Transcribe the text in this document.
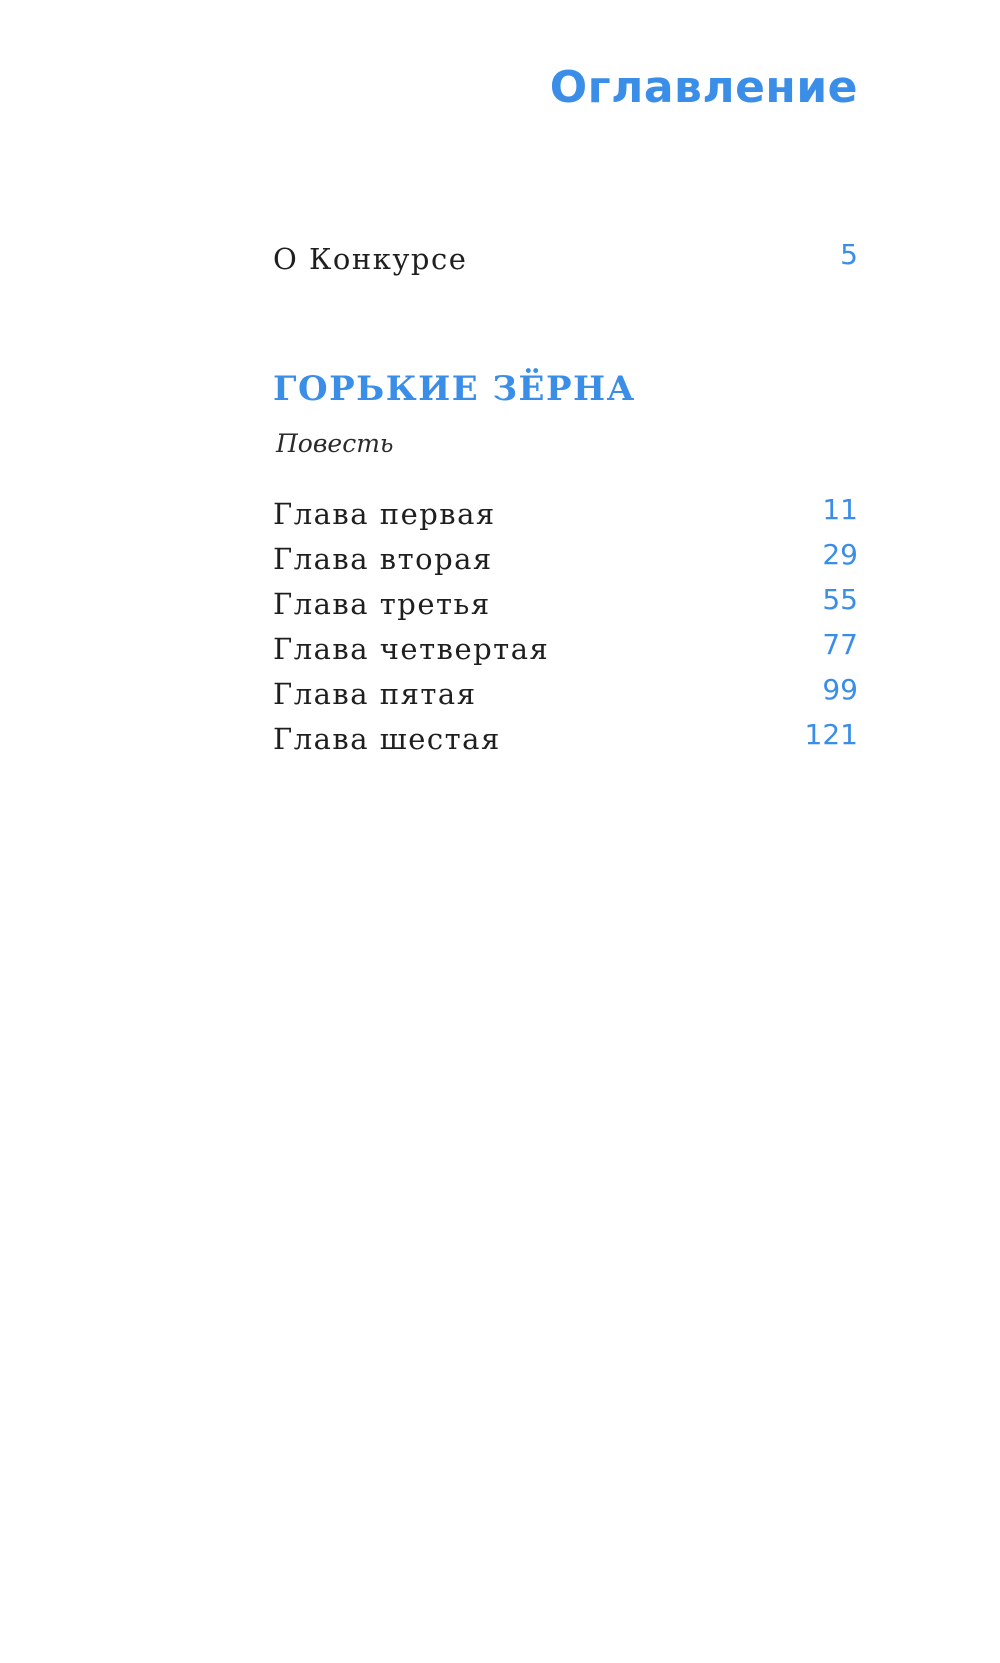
Оглавление
О Конкурсе	5
ГОРЬКИЕ ЗЁРНА
Повесть
Глава первая	11
Глава вторая	29
Глава третья	55
Глава четвертая	77
Глава пятая	99
Глава шестая	121
